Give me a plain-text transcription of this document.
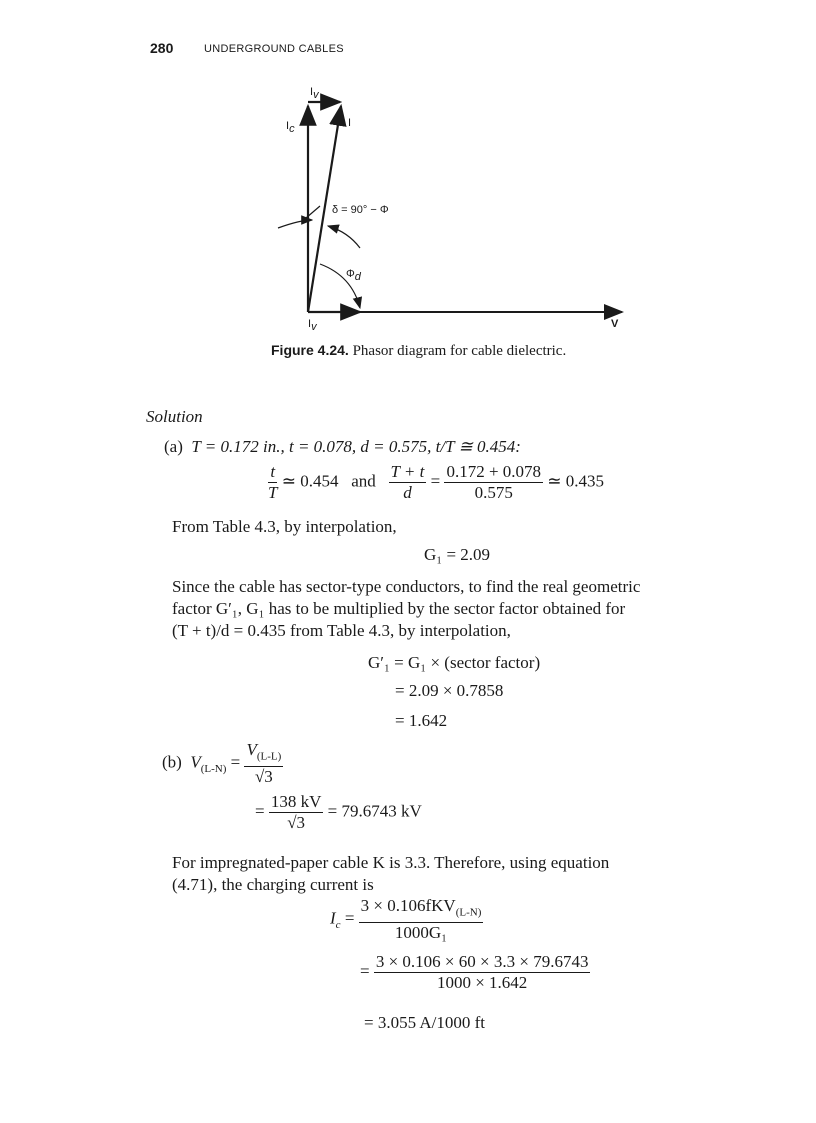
280	UNDERGROUND CABLES
$I_v$
$I_c$
I
δ = 90° − Φ
$\Phi_d$
$I_v$	V
Figure 4.24. Phasor diagram for cable dielectric.
Solution
(a) T = 0.172 in., t = 0.078, d = 0.575, t/T ≅ 0.454:
$\frac{t}{T}$ ≃ 0.454 and $\frac{T + t}{d} = \frac{0.172 + 0.078}{0.575}$ ≃ 0.435
From Table 4.3, by interpolation,
G₁ = 2.09
Since the cable has sector-type conductors, to find the real geometric
factor G′₁, G₁ has to be multiplied by the sector factor obtained for
(T + t)/d = 0.435 from Table 4.3, by interpolation,
G′₁ = G₁ × (sector factor)
= 2.09 × 0.7858
= 1.642
(b) $V_{(L-N)} = \frac{V_{(L-L)}}{√3}$
= $\frac{138 kV}{√3} = 79.6743$ kV
For impregnated-paper cable K is 3.3. Therefore, using equation
(4.71), the charging current is
$I_c = \frac{3 \times 0.106fKV_{(L-N)}}{\text{1000G₁}}$
= $\frac{3 \times 0.106 \times 60 \times 3.3 \times 79.6743}{1000 \times 1.642}$
= 3.055 A/1000 ft
